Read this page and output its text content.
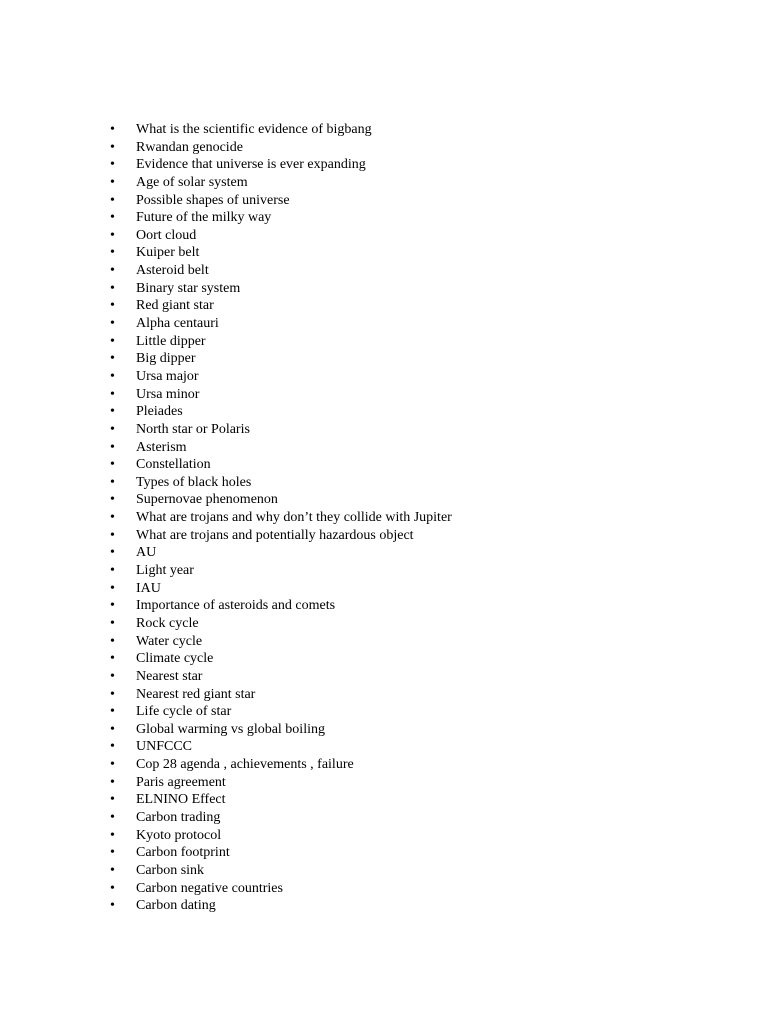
•	What is the scientific evidence of bigbang
•	Rwandan genocide
•	Evidence that universe is ever expanding
•	Age of solar system
•	Possible shapes of universe
•	Future of the milky way
•	Oort cloud
•	Kuiper belt
•	Asteroid belt
•	Binary star system
•	Red giant star
•	Alpha centauri
•	Little dipper
•	Big dipper
•	Ursa major
•	Ursa minor
•	Pleiades
•	North star or Polaris
•	Asterism
•	Constellation
•	Types of black holes
•	Supernovae phenomenon
•	What are trojans and why don’t they collide with Jupiter
•	What are trojans and potentially hazardous object
•	AU
•	Light year
•	IAU
•	Importance of asteroids and comets
•	Rock cycle
•	Water cycle
•	Climate cycle
•	Nearest star
•	Nearest red giant star
•	Life cycle of star
•	Global warming vs global boiling
•	UNFCCC
•	Cop 28 agenda , achievements , failure
•	Paris agreement
•	ELNINO Effect
•	Carbon trading
•	Kyoto protocol
•	Carbon footprint
•	Carbon sink
•	Carbon negative countries
•	Carbon dating
